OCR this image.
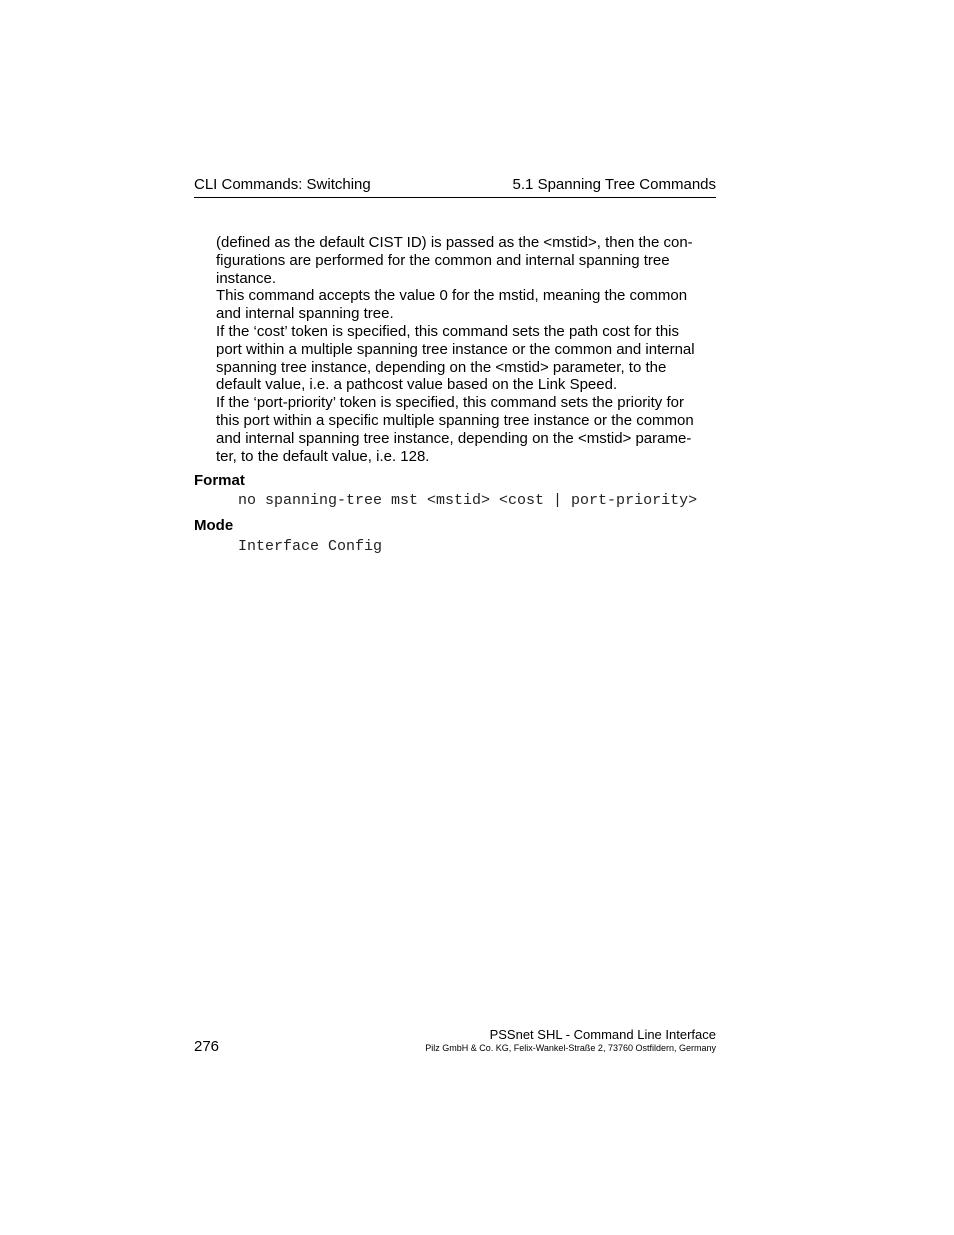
CLI Commands: Switching	5.1 Spanning Tree Commands
(defined as the default CIST ID) is passed as the <mstid>, then the con-
figurations are performed for the common and internal spanning tree
instance.
This command accepts the value 0 for the mstid, meaning the common
and internal spanning tree.
If the ‘cost’ token is specified, this command sets the path cost for this
port within a multiple spanning tree instance or the common and internal
spanning tree instance, depending on the <mstid> parameter, to the
default value, i.e. a pathcost value based on the Link Speed.
If the ‘port-priority’ token is specified, this command sets the priority for
this port within a specific multiple spanning tree instance or the common
and internal spanning tree instance, depending on the <mstid> parame-
ter, to the default value, i.e. 128.
Format
no spanning-tree mst <mstid> <cost | port-priority>
Mode
Interface Config
276
PSSnet SHL - Command Line Interface
Pilz GmbH & Co. KG, Felix-Wankel-Straße 2, 73760 Ostfildern, Germany
